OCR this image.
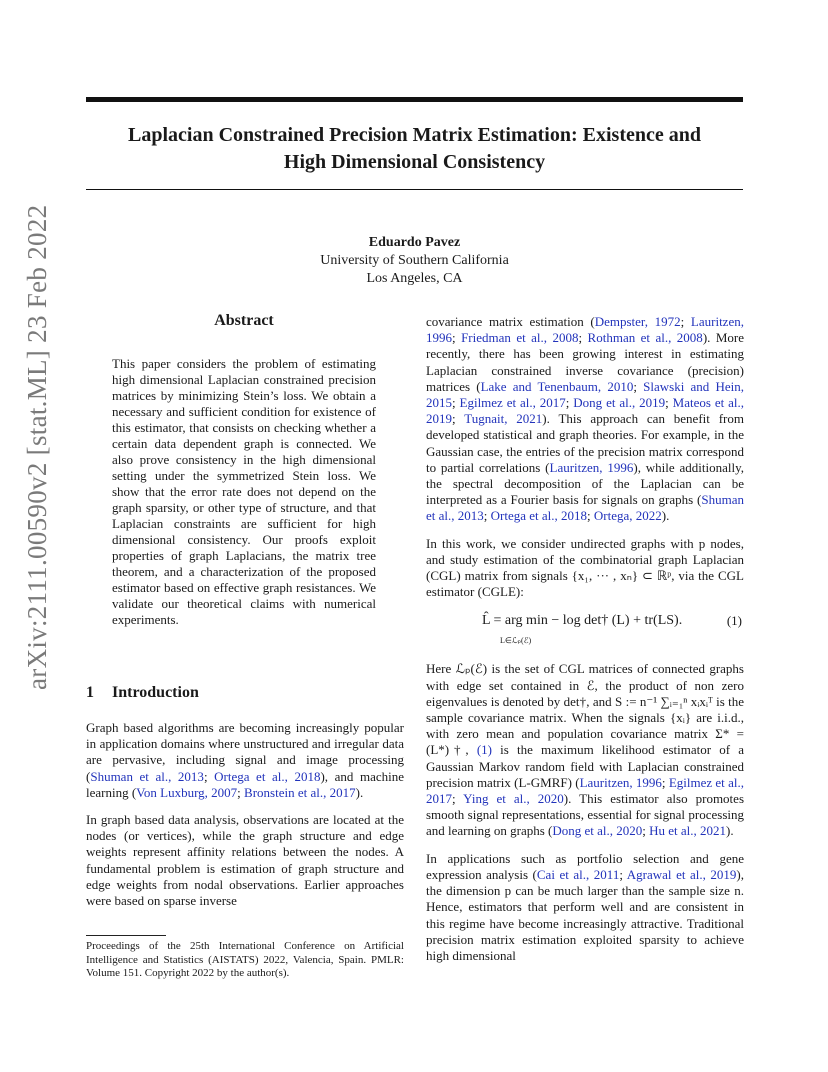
Laplacian Constrained Precision Matrix Estimation: Existence and
High Dimensional Consistency
arXiv:2111.00590v2 [stat.ML] 23 Feb 2022	Eduardo Pavez
University of Southern California
Los Angeles, CA
Abstract
This paper considers the problem of estimating high dimensional Laplacian constrained precision matrices by minimizing Stein’s loss. We obtain a necessary and sufficient condition for existence of this estimator, that consists on checking whether a certain data dependent graph is connected. We also prove consistency in the high dimensional setting under the symmetrized Stein loss. We show that the error rate does not depend on the graph sparsity, or other type of structure, and that Laplacian constraints are sufficient for high dimensional consistency. Our proofs exploit properties of graph Laplacians, the matrix tree theorem, and a characterization of the proposed estimator based on effective graph resistances. We validate our theoretical claims with numerical experiments.
1 Introduction

Graph based algorithms are becoming increasingly popular in application domains where unstructured and irregular data are pervasive, including signal and image processing (Shuman et al., 2013; Ortega et al., 2018), and machine learning (Von Luxburg, 2007; Bronstein et al., 2017).

In graph based data analysis, observations are located at the nodes (or vertices), while the graph structure and edge weights represent affinity relations between the nodes. A fundamental problem is estimation of graph structure and edge weights from nodal observations. Earlier approaches were based on sparse inverse

Proceedings of the 25th International Conference on Artificial Intelligence and Statistics (AISTATS) 2022, Valencia, Spain. PMLR: Volume 151. Copyright 2022 by the author(s).

covariance matrix estimation (Dempster, 1972; Lauritzen, 1996; Friedman et al., 2008; Rothman et al., 2008). More recently, there has been growing interest in estimating Laplacian constrained inverse covariance (precision) matrices (Lake and Tenenbaum, 2010; Slawski and Hein, 2015; Egilmez et al., 2017; Dong et al., 2019; Mateos et al., 2019; Tugnait, 2021). This approach can benefit from developed statistical and graph theories. For example, in the Gaussian case, the entries of the precision matrix correspond to partial correlations (Lauritzen, 1996), while additionally, the spectral decomposition of the Laplacian can be interpreted as a Fourier basis for signals on graphs (Shuman et al., 2013; Ortega et al., 2018; Ortega, 2022).

In this work, we consider undirected graphs with p nodes, and study estimation of the combinatorial graph Laplacian (CGL) matrix from signals {x₁, ··· , xₙ} ⊂ ℝᵖ, via the CGL estimator (CGLE):

L̂ = arg min − log det† (L) + tr(LS).
L∈ℒₚ(ℰ)
(1)

Here ℒₚ(ℰ) is the set of CGL matrices of connected graphs with edge set contained in ℰ, the product of non zero eigenvalues is denoted by det†, and S := n⁻¹ ∑ᵢ₌₁ⁿ xᵢxᵢᵀ is the sample covariance matrix. When the signals {xᵢ} are i.i.d., with zero mean and population covariance matrix Σ* = (L*)†, (1) is the maximum likelihood estimator of a Gaussian Markov random field with Laplacian constrained precision matrix (L-GMRF) (Lauritzen, 1996; Egilmez et al., 2017; Ying et al., 2020). This estimator also promotes smooth signal representations, essential for signal processing and learning on graphs (Dong et al., 2020; Hu et al., 2021).

In applications such as portfolio selection and gene expression analysis (Cai et al., 2011; Agrawal et al., 2019), the dimension p can be much larger than the sample size n. Hence, estimators that perform well and are consistent in this regime have become increasingly attractive. Traditional precision matrix estimation exploited sparsity to achieve high dimensional
